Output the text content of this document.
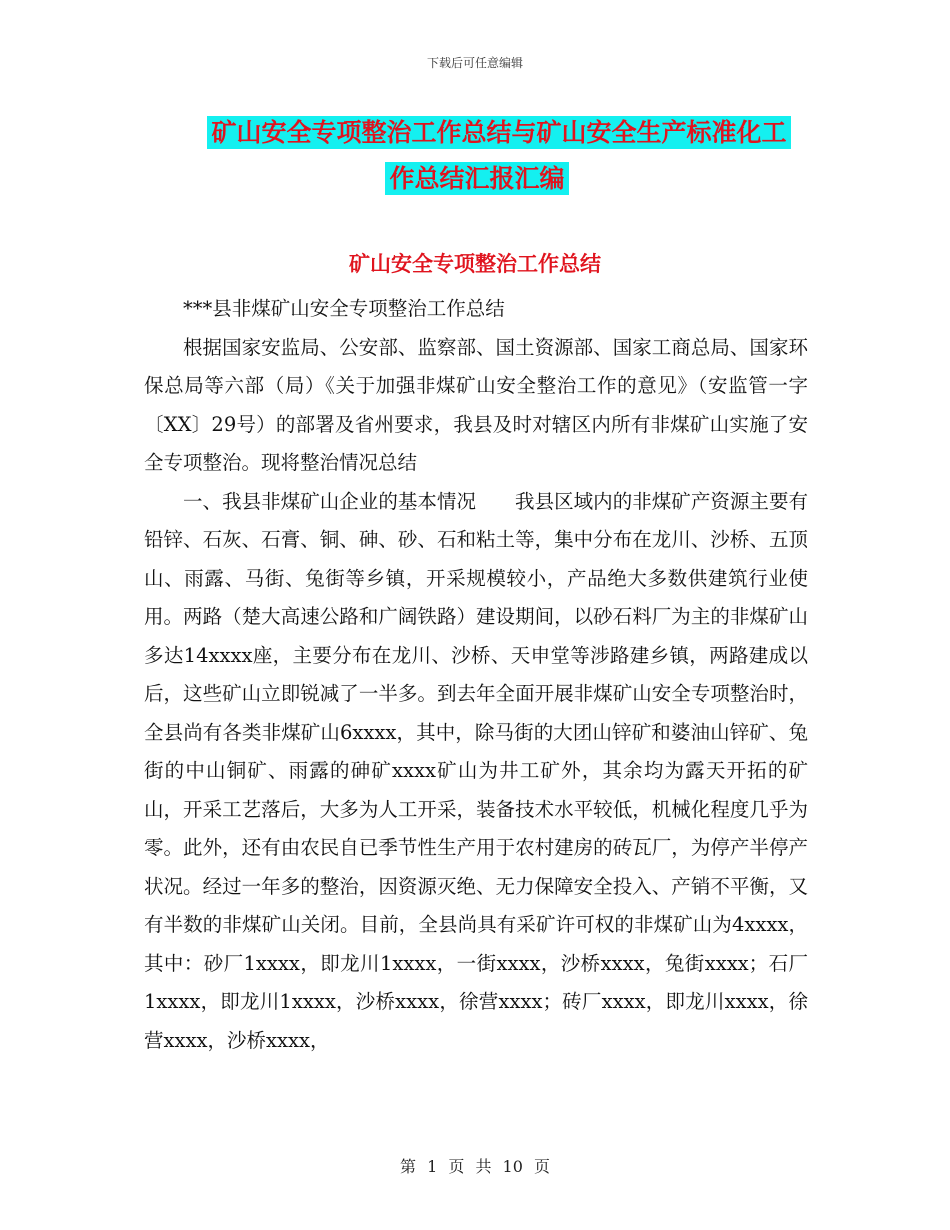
下载后可任意编辑
矿山安全专项整治工作总结与矿山安全生产标准化工
作总结汇报汇编
矿山安全专项整治工作总结

***县非煤矿山安全专项整治工作总结

根据国家安监局、公安部、监察部、国土资源部、国家工商总局、国家环保总局等六部（局）《关于加强非煤矿山安全整治工作的意见》（安监管一字〔XX〕29号）的部署及省州要求，我县及时对辖区内所有非煤矿山实施了安全专项整治。现将整治情况总结

一、我县非煤矿山企业的基本情况　　我县区域内的非煤矿产资源主要有铅锌、石灰、石膏、铜、砷、砂、石和粘土等，集中分布在龙川、沙桥、五顶山、雨露、马街、兔街等乡镇，开采规模较小，产品绝大多数供建筑行业使用。两路（楚大高速公路和广阔铁路）建设期间，以砂石料厂为主的非煤矿山多达14xxxx座，主要分布在龙川、沙桥、天申堂等涉路建乡镇，两路建成以后，这些矿山立即锐减了一半多。到去年全面开展非煤矿山安全专项整治时，全县尚有各类非煤矿山6xxxx，其中，除马街的大团山锌矿和婆油山锌矿、兔街的中山铜矿、雨露的砷矿xxxx矿山为井工矿外，其余均为露天开拓的矿山，开采工艺落后，大多为人工开采，装备技术水平较低，机械化程度几乎为零。此外，还有由农民自已季节性生产用于农村建房的砖瓦厂，为停产半停产状况。经过一年多的整治，因资源灭绝、无力保障安全投入、产销不平衡，又有半数的非煤矿山关闭。目前，全县尚具有采矿许可权的非煤矿山为4xxxx，其中：砂厂1xxxx，即龙川1xxxx，一街xxxx，沙桥xxxx，兔街xxxx；石厂1xxxx，即龙川1xxxx，沙桥xxxx，徐营xxxx；砖厂xxxx，即龙川xxxx，徐营xxxx，沙桥xxxx，

第 1 页 共 10 页
